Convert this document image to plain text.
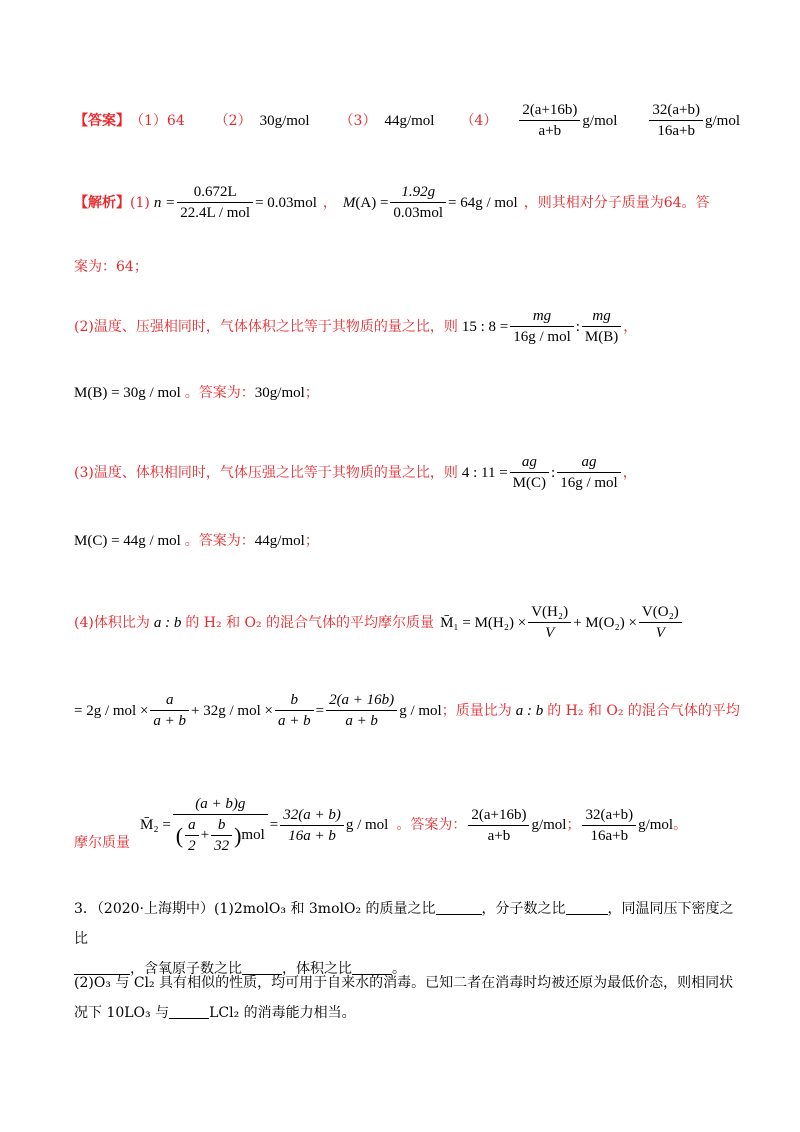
【答案】 （1）64 （2） 30g/mol （3） 44g/mol $(4) \frac{2(a+16b)}{a+b} g/mol \frac{32(a+b)}{16a+b} g/mol$
【解析】 (1) $n = \frac{0.672L}{\text{22.4L / mol}} = 0.03mol$ ， $M(A) = \frac{1.92g}{\text{0.03mol}} = 64g$ / mol ，则其相对分子质量为64。答
案为：64；
(2)温度、压强相同时，气体体积之比等于其物质的量之比，则 15 : $8 = \frac{mg}{\text{16g / mol}}$ : $\frac{mg}{M(B)}$ ，
M(B) = 30g / mol 。答案为： 30g/mol ；
(3)温度、体积相同时，气体压强之比等于其物质的量之比，则 4 : $11 = \frac{ag}{M(C)}$ : $\frac{ag}{\text{16g / mol}}$ ，
M(C) = 44g / mol 。答案为： 44g/mol ；
(4)体积比为 a : b 的 H₂ 和 O₂ 的混合气体的平均摩尔质量 M̄₁ = $M(H_2) \times \frac{\text{V(H₂)}}{V} + M(O_2) \times \frac{\text{V(O₂)}}{V}$
= 2g / mol × $\frac{a}{a + b} + 32g$ / mol × $\frac{b}{a + b} = \frac{2(a + 16b)}{a + b}$ g / mol ；质量比为 a : b 的 H₂ 和 O₂ 的混合气体的平均
摩尔质量
M̄₂ = $\frac{(a + b)g}{( \frac{a}{2} + \frac{b}{32} )mol} = \frac{32(a + b)}{16a + b}$ g / mol 。答案为： $\frac{2(a+16b)}{a+b} g/mol$ ； $\frac{32(a+b)}{16a+b} g/mol$ 。
3．（2020·上海期中）(1)2molO₃ 和 3molO₂ 的质量之比	，分子数之比	，同温同压下密度之比
，含氧原子数之比	，体积之比	。
(2)O₃ 与 Cl₂ 具有相似的性质，均可用于自来水的消毒。已知二者在消毒时均被还原为最低价态，则相同状
况下 10LO₃ 与	LCl₂ 的消毒能力相当。
